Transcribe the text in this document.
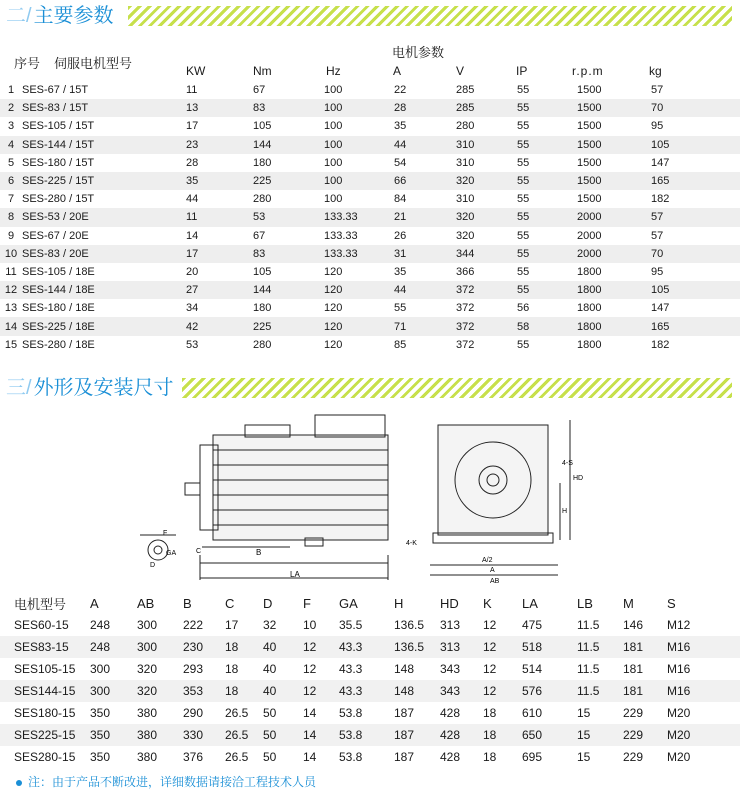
二/ 主要参数
序号 伺服电机型号
电机参数
KW	Nm	Hz	A	V	IP	r.p.m	kg
1	SES-67 / 15T	11	67	100	22	285	55	1500	57
2	SES-83 / 15T	13	83	100	28	285	55	1500	70
3	SES-105 / 15T	17	105	100	35	280	55	1500	95
4	SES-144 / 15T	23	144	100	44	310	55	1500	105
5	SES-180 / 15T	28	180	100	54	310	55	1500	147
6	SES-225 / 15T	35	225	100	66	320	55	1500	165
7	SES-280 / 15T	44	280	100	84	310	55	1500	182
8	SES-53 / 20E	11	53	133.33	21	320	55	2000	57
9	SES-67 / 20E	14	67	133.33	26	320	55	2000	57
10	SES-83 / 20E	17	83	133.33	31	344	55	2000	70
11	SES-105 / 18E	20	105	120	35	366	55	1800	95
12	SES-144 / 18E	27	144	120	44	372	55	1800	105
13	SES-180 / 18E	34	180	120	55	372	56	1800	147
14	SES-225 / 18E	42	225	120	71	372	58	1800	165
15	SES-280 / 18E	53	280	120	85	372	55	1800	182
三/ 外形及安装尺寸
B
LA
F
GA
D
C
4-S
HD
H
4-K
A/2
A
AB
电机型号	A	AB	B	C	D	F	GA	H	HD	K	LA	LB	M	S
SES60-15	248	300	222	17	32	10	35.5	136.5	313	12	475	11.5	146	M12
SES83-15	248	300	230	18	40	12	43.3	136.5	313	12	518	11.5	181	M16
SES105-15	300	320	293	18	40	12	43.3	148	343	12	514	11.5	181	M16
SES144-15	300	320	353	18	40	12	43.3	148	343	12	576	11.5	181	M16
SES180-15	350	380	290	26.5	50	14	53.8	187	428	18	610	15	229	M20
SES225-15	350	380	330	26.5	50	14	53.8	187	428	18	650	15	229	M20
SES280-15	350	380	376	26.5	50	14	53.8	187	428	18	695	15	229	M20
注：由于产品不断改进，详细数据请接洽工程技术人员
